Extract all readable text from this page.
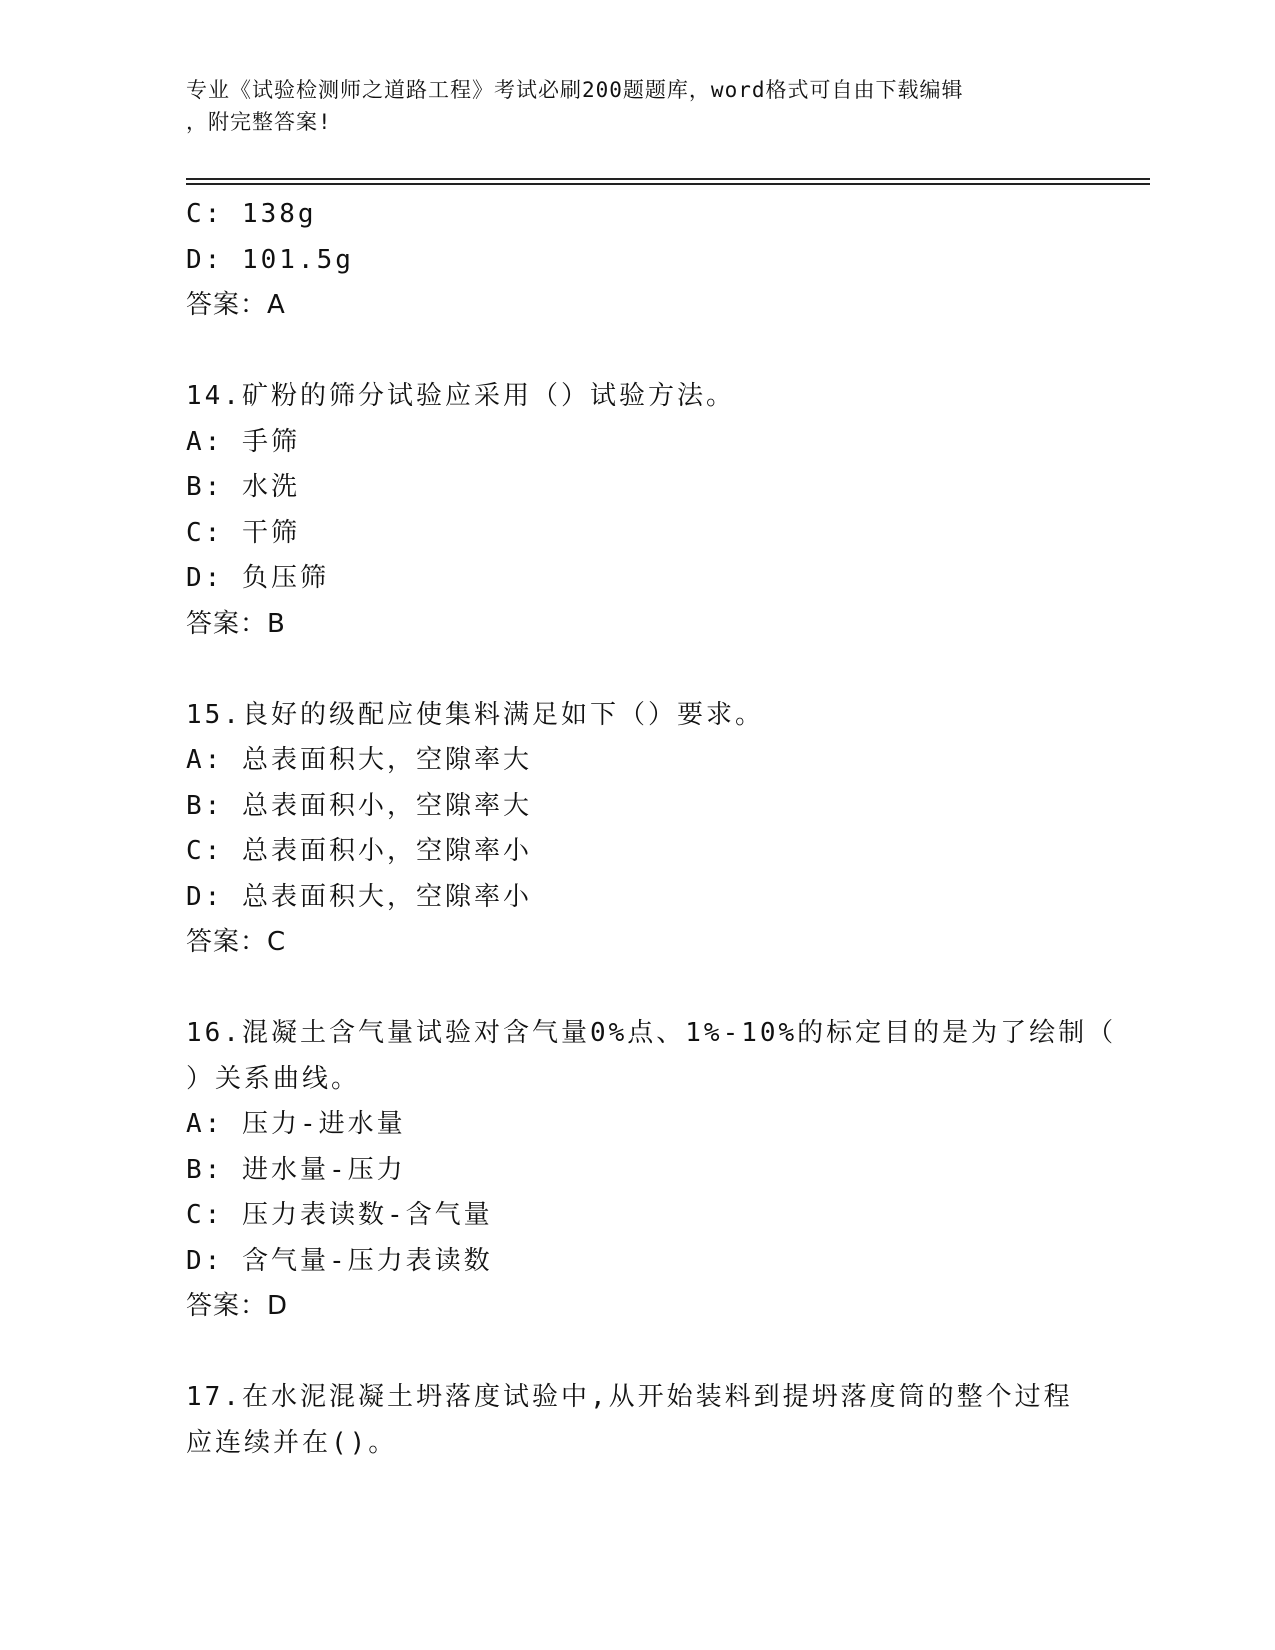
专业《试验检测师之道路工程》考试必刷200题题库，word格式可自由下载编辑
，附完整答案!
C: 138g
D: 101.5g
答案：A
14.矿粉的筛分试验应采用（）试验方法。
A: 手筛
B: 水洗
C: 干筛
D: 负压筛
答案：B
15.良好的级配应使集料满足如下（）要求。
A: 总表面积大，空隙率大
B: 总表面积小，空隙率大
C: 总表面积小，空隙率小
D: 总表面积大，空隙率小
答案：C
16.混凝土含气量试验对含气量0%点、1%-10%的标定目的是为了绘制（
）关系曲线。
A: 压力-进水量
B: 进水量-压力
C: 压力表读数-含气量
D: 含气量-压力表读数
答案：D
17.在水泥混凝土坍落度试验中,从开始装料到提坍落度筒的整个过程
应连续并在()。
